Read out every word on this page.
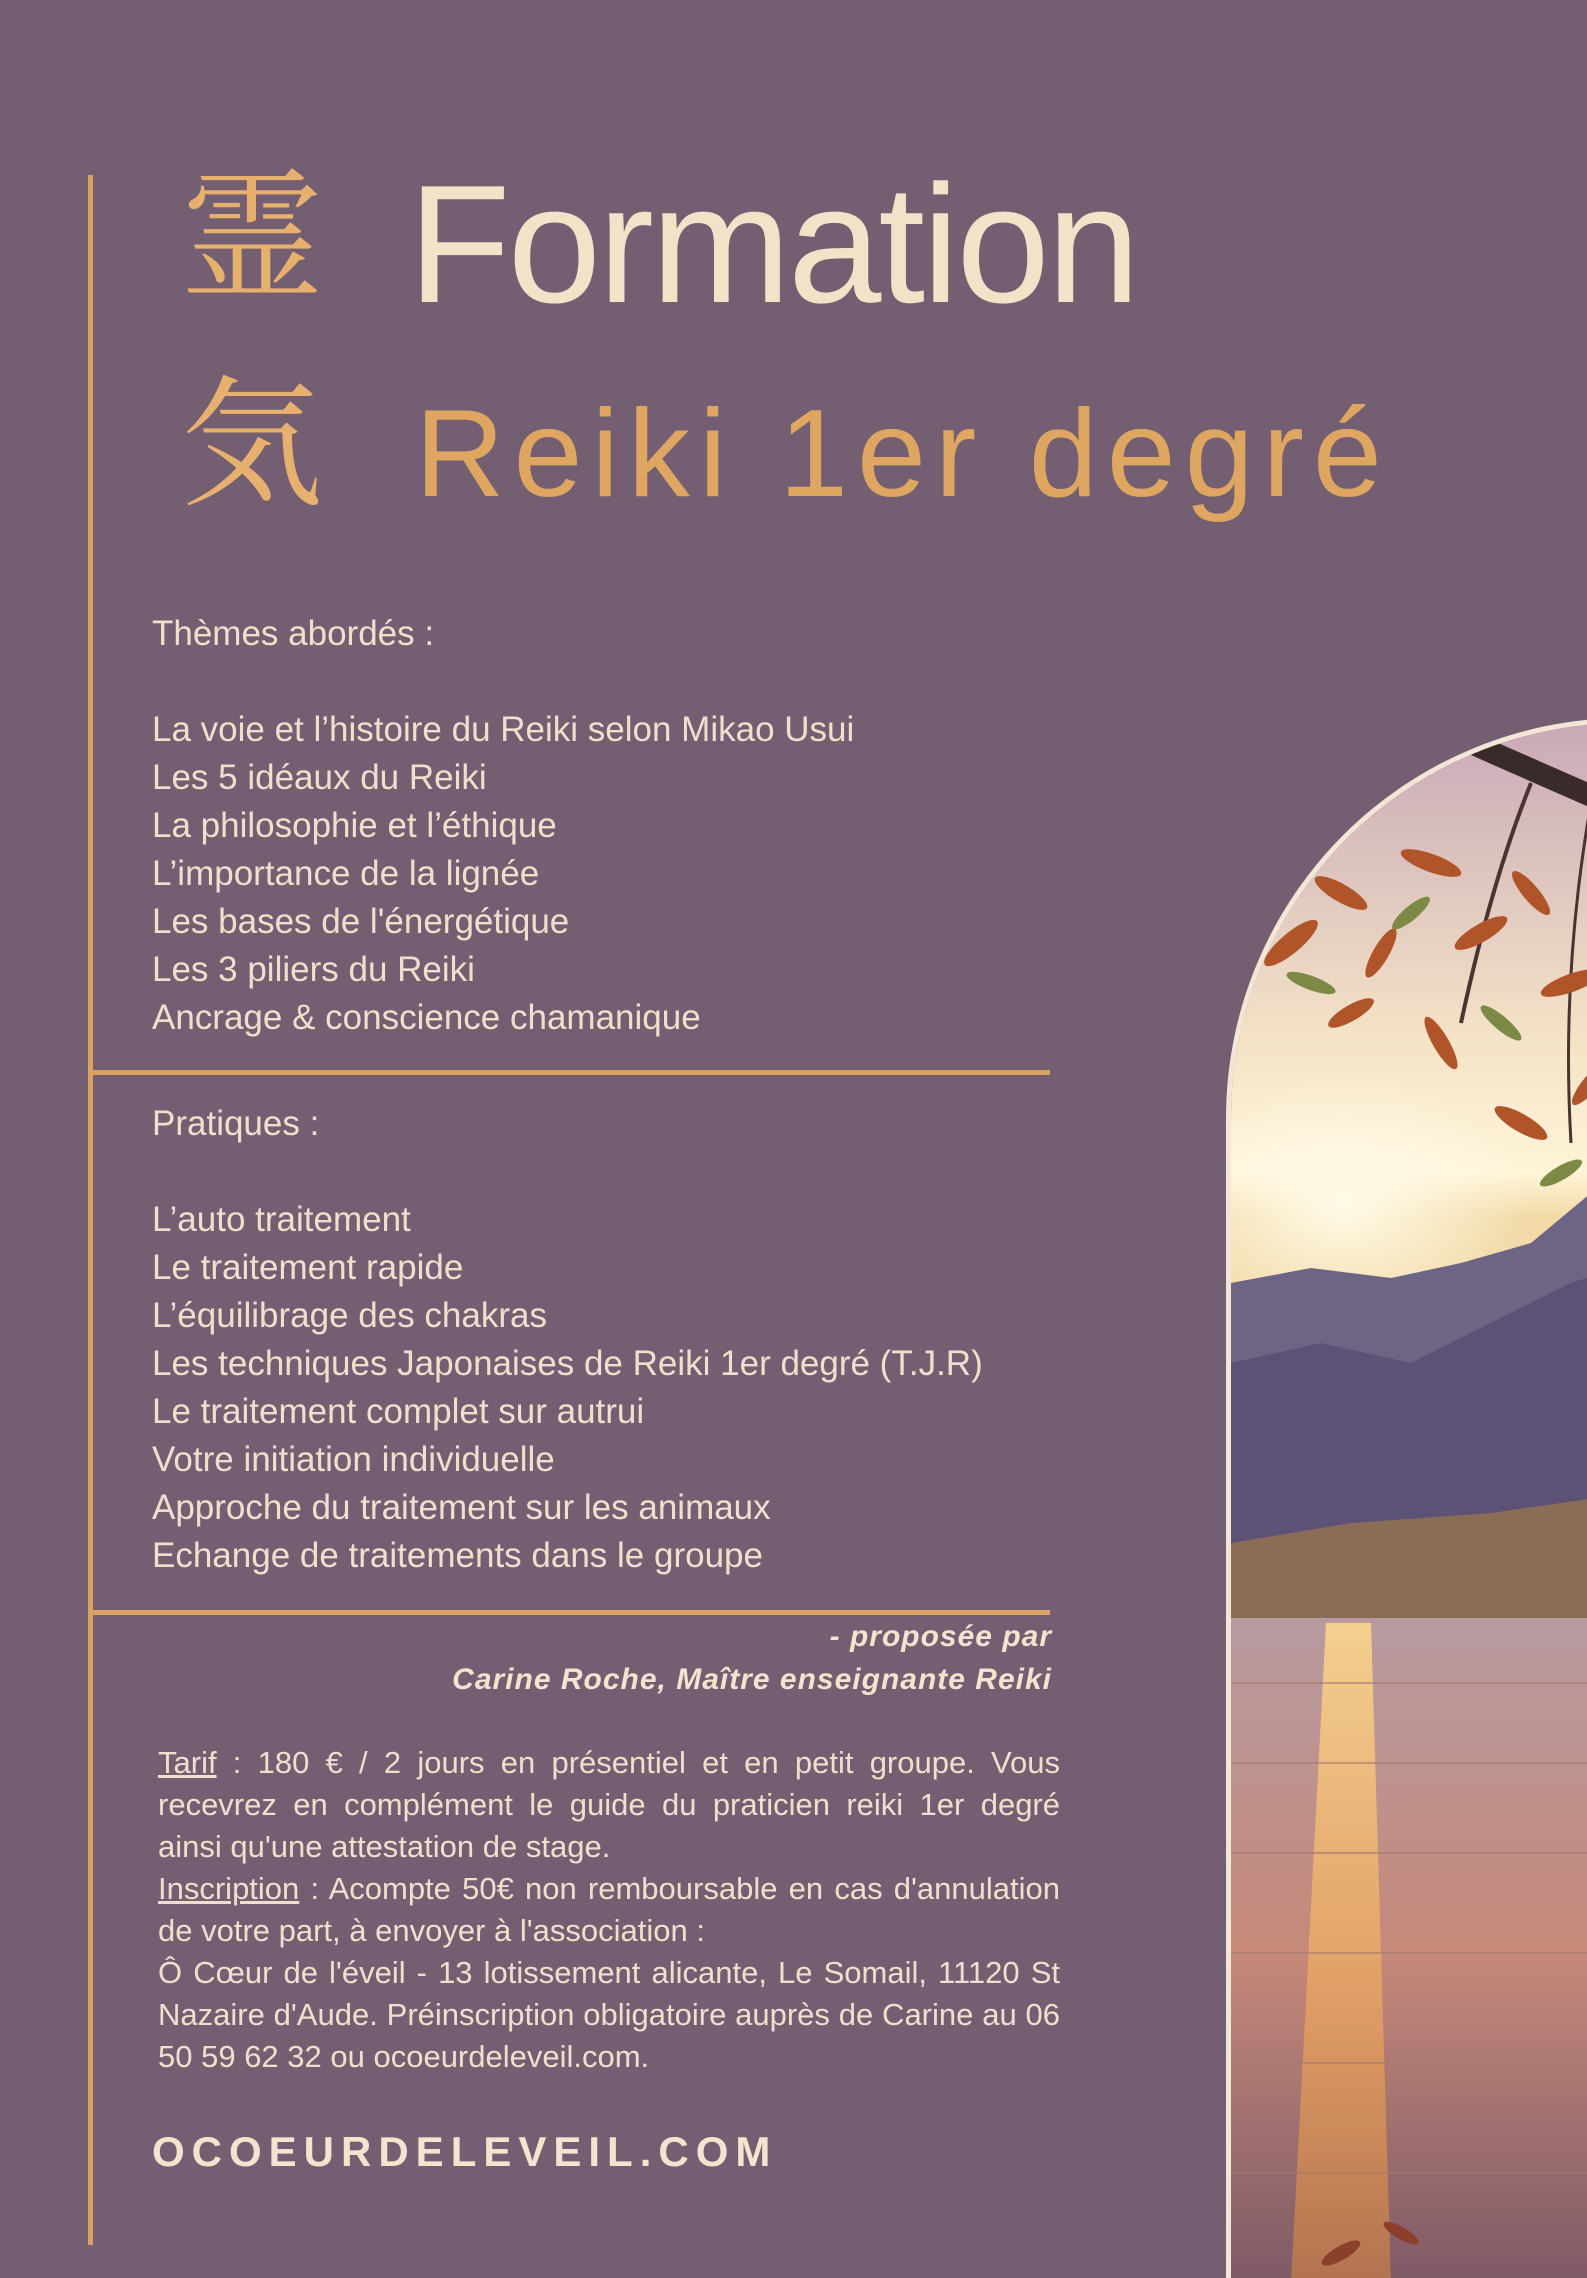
霊
気
Formation
Reiki 1er degré
Thèmes abordés :
La voie et l’histoire du Reiki selon Mikao Usui
Les 5 idéaux du Reiki
La philosophie et l’éthique
L’importance de la lignée
Les bases de l'énergétique
Les 3 piliers du Reiki
Ancrage & conscience chamanique
Pratiques :
L’auto traitement
Le traitement rapide
L’équilibrage des chakras
Les techniques Japonaises de Reiki 1er degré (T.J.R)
Le traitement complet sur autrui
Votre initiation individuelle
Approche du traitement sur les animaux
Echange de traitements dans le groupe
- proposée par
Carine Roche, Maître enseignante Reiki

Tarif : 180 € / 2 jours en présentiel et en petit groupe. Vous recevrez en complément le guide du praticien reiki 1er degré ainsi qu'une attestation de stage.

Inscription : Acompte 50€ non remboursable en cas d'annulation de votre part, à envoyer à l'association :

Ô Cœur de l'éveil - 13 lotissement alicante, Le Somail, 11120 St Nazaire d'Aude. Préinscription obligatoire auprès de Carine au 06 50 59 62 32 ou ocoeurdeleveil.com.

OCOEURDELEVEIL.COM
